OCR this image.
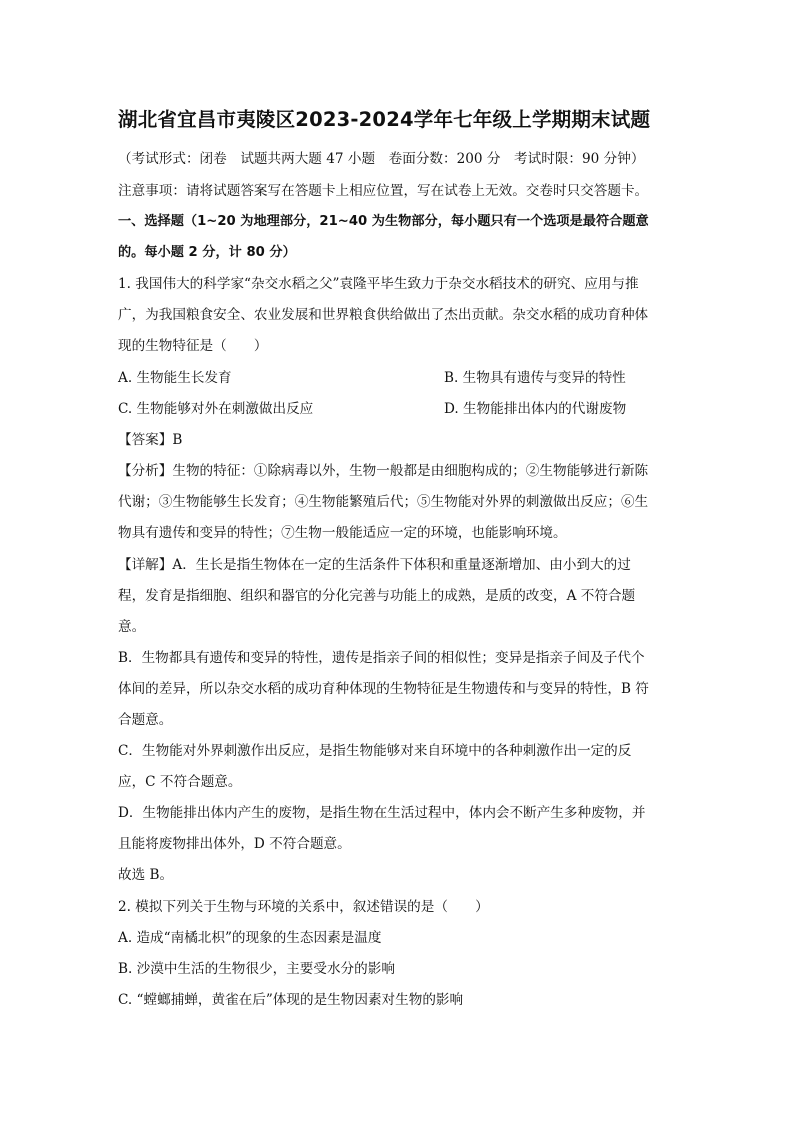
湖北省宜昌市夷陵区2023-2024学年七年级上学期期末试题
（考试形式：闭卷　试题共两大题 47 小题　卷面分数：200 分　考试时限：90 分钟）
注意事项：请将试题答案写在答题卡上相应位置，写在试卷上无效。交卷时只交答题卡。
一、选择题（1~20 为地理部分，21~40 为生物部分，每小题只有一个选项是最符合题意
的。每小题 2 分，计 80 分）
1. 我国伟大的科学家“杂交水稻之父”袁隆平毕生致力于杂交水稻技术的研究、应用与推
广，为我国粮食安全、农业发展和世界粮食供给做出了杰出贡献。杂交水稻的成功育种体
现的生物特征是（　　）
A. 生物能生长发育	B. 生物具有遗传与变异的特性
C. 生物能够对外在刺激做出反应	D. 生物能排出体内的代谢废物
【答案】B
【分析】生物的特征：①除病毒以外，生物一般都是由细胞构成的；②生物能够进行新陈
代谢；③生物能够生长发育；④生物能繁殖后代；⑤生物能对外界的刺激做出反应；⑥生
物具有遗传和变异的特性；⑦生物一般能适应一定的环境，也能影响环境。
【详解】A．生长是指生物体在一定的生活条件下体积和重量逐渐增加、由小到大的过
程，发育是指细胞、组织和器官的分化完善与功能上的成熟，是质的改变，A 不符合题
意。
B．生物都具有遗传和变异的特性，遗传是指亲子间的相似性；变异是指亲子间及子代个
体间的差异，所以杂交水稻的成功育种体现的生物特征是生物遗传和与变异的特性，B 符
合题意。
C．生物能对外界刺激作出反应，是指生物能够对来自环境中的各种刺激作出一定的反
应，C 不符合题意。
D．生物能排出体内产生的废物，是指生物在生活过程中，体内会不断产生多种废物，并
且能将废物排出体外，D 不符合题意。
故选 B。
2. 模拟下列关于生物与环境的关系中，叙述错误的是（　　）
A. 造成“南橘北枳”的现象的生态因素是温度
B. 沙漠中生活的生物很少，主要受水分的影响
C. “螳螂捕蝉，黄雀在后”体现的是生物因素对生物的影响
